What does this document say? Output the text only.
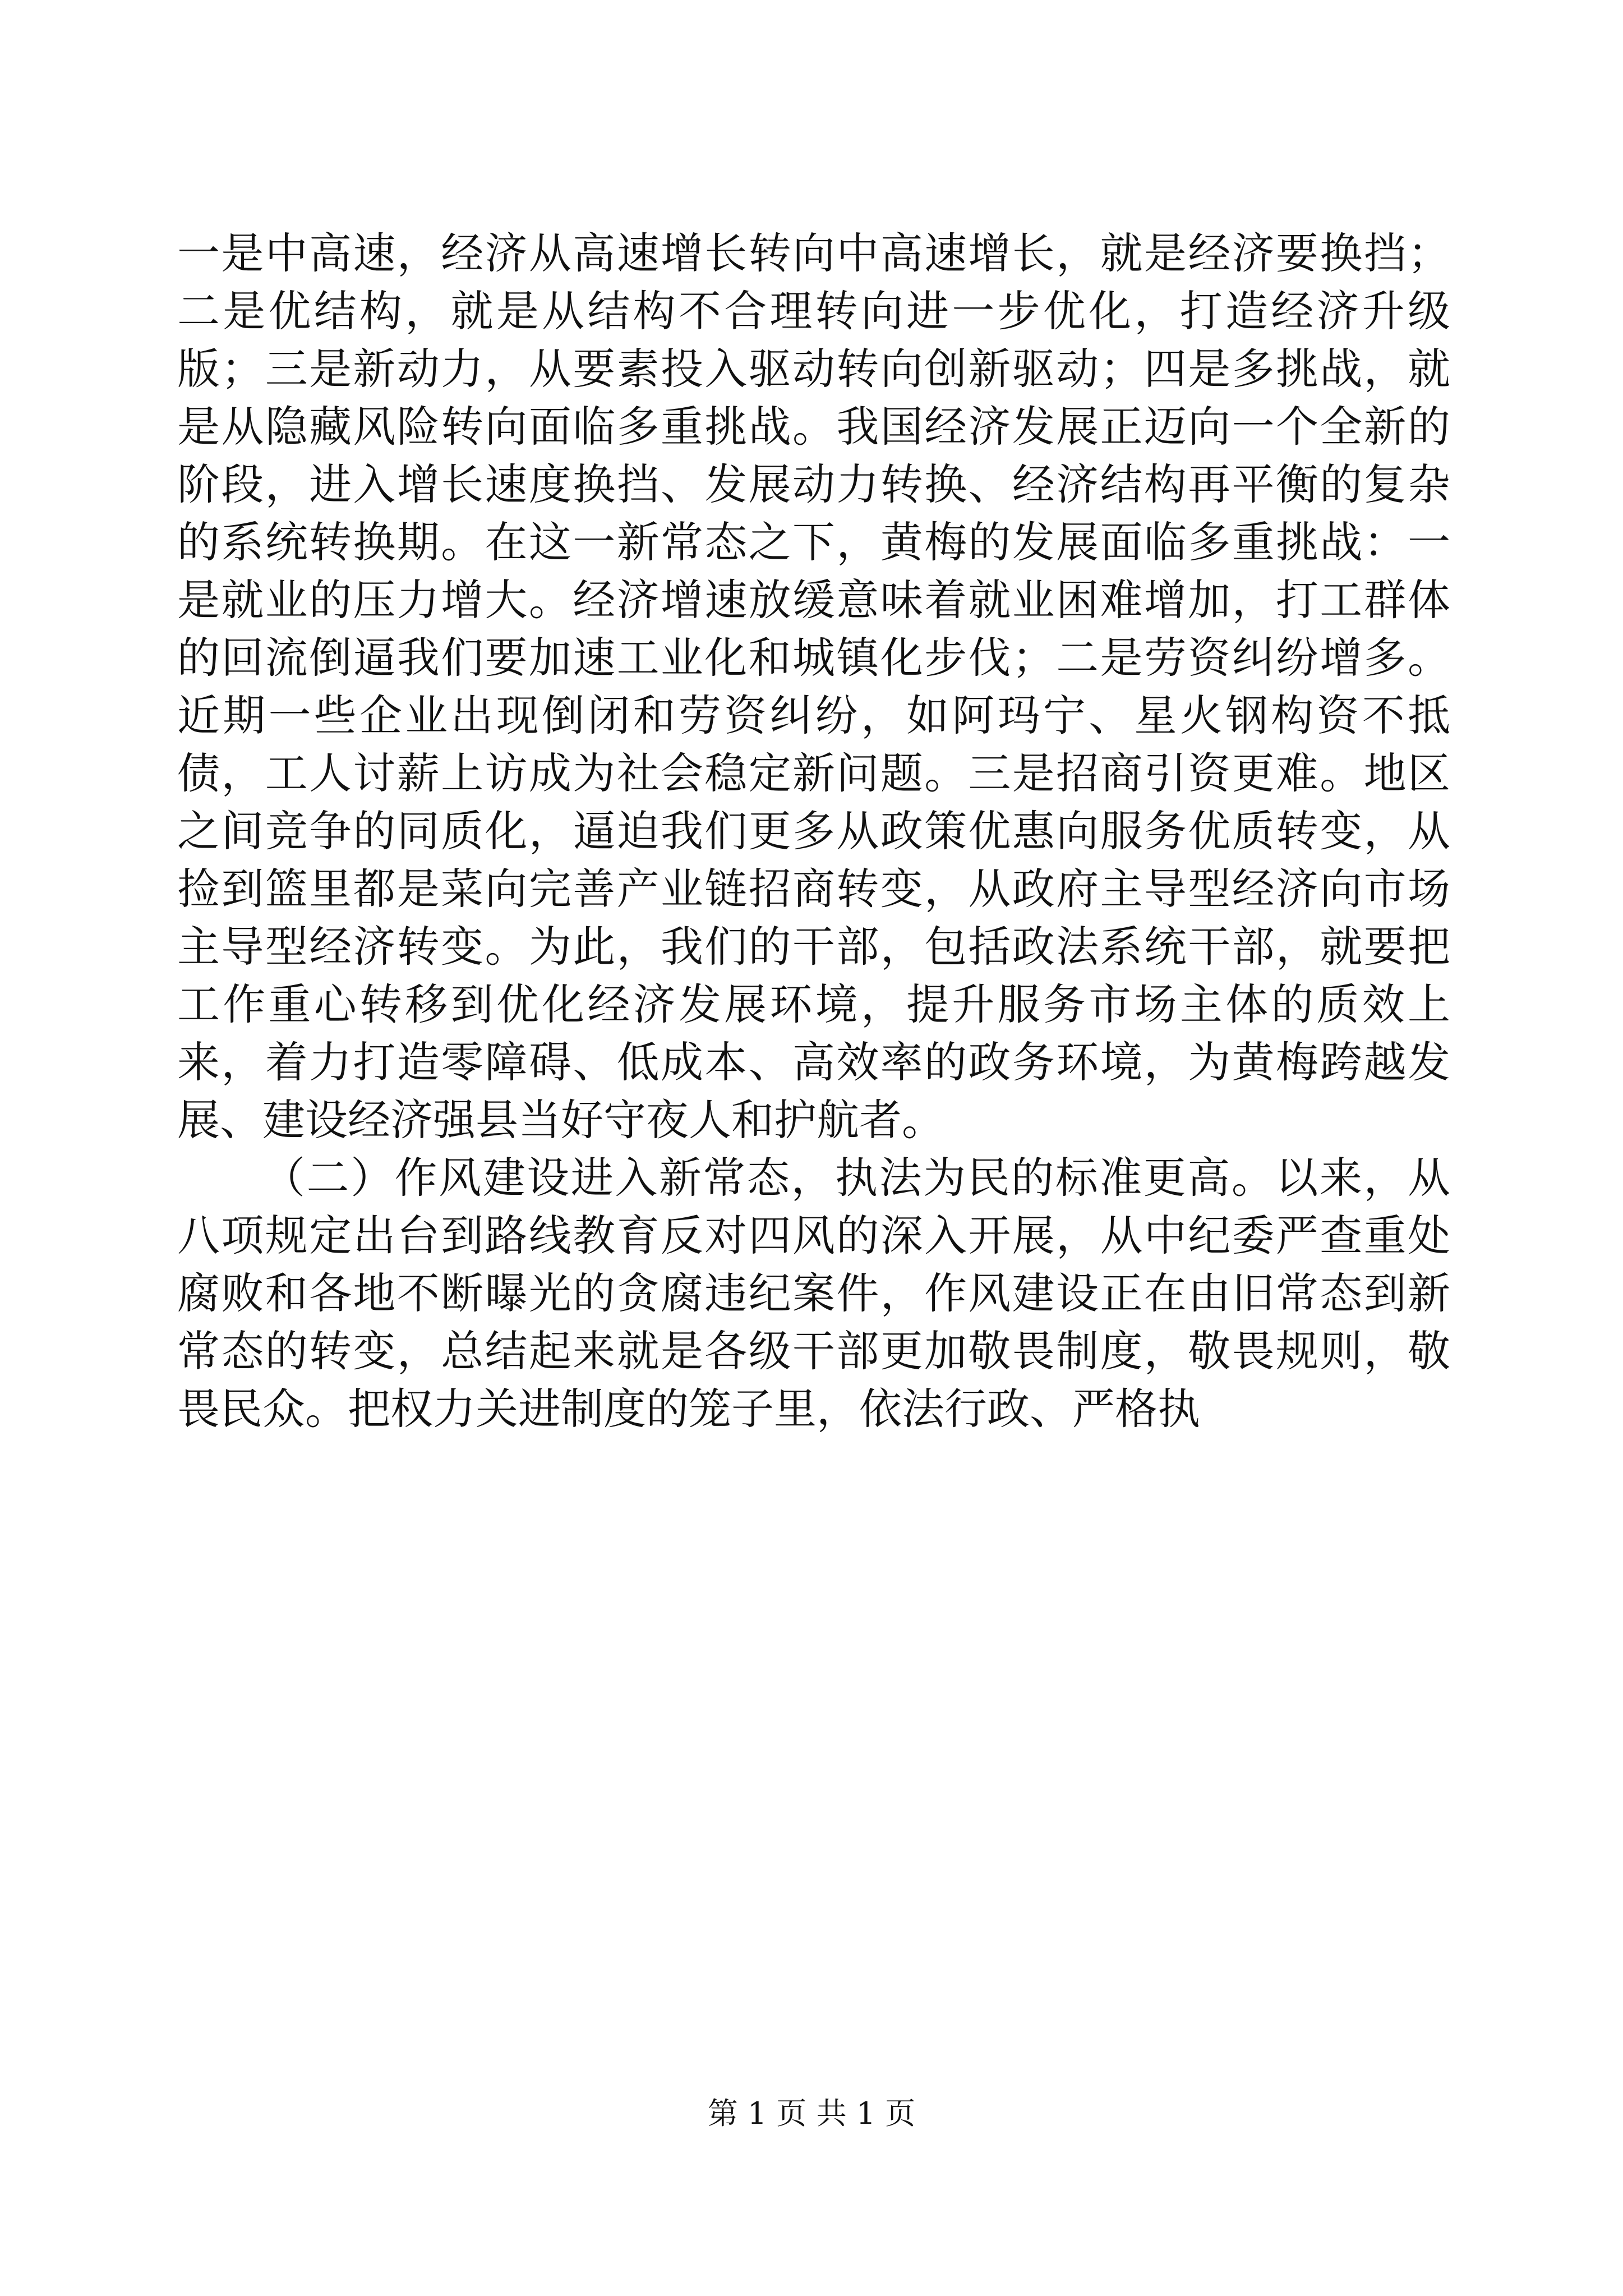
一是中高速，经济从高速增长转向中高速增长，就是经济要换挡；二是优结构，就是从结构不合理转向进一步优化，打造经济升级版；三是新动力，从要素投入驱动转向创新驱动；四是多挑战，就是从隐藏风险转向面临多重挑战。我国经济发展正迈向一个全新的阶段，进入增长速度换挡、发展动力转换、经济结构再平衡的复杂的系统转换期。在这一新常态之下，黄梅的发展面临多重挑战：一是就业的压力增大。经济增速放缓意味着就业困难增加，打工群体的回流倒逼我们要加速工业化和城镇化步伐；二是劳资纠纷增多。近期一些企业出现倒闭和劳资纠纷，如阿玛宁、星火钢构资不抵债，工人讨薪上访成为社会稳定新问题。三是招商引资更难。地区之间竞争的同质化，逼迫我们更多从政策优惠向服务优质转变，从捡到篮里都是菜向完善产业链招商转变，从政府主导型经济向市场主导型经济转变。为此，我们的干部，包括政法系统干部，就要把工作重心转移到优化经济发展环境，提升服务市场主体的质效上来，着力打造零障碍、低成本、高效率的政务环境，为黄梅跨越发展、建设经济强县当好守夜人和护航者。

（二）作风建设进入新常态，执法为民的标准更高。以来，从八项规定出台到路线教育反对四风的深入开展，从中纪委严查重处腐败和各地不断曝光的贪腐违纪案件，作风建设正在由旧常态到新常态的转变，总结起来就是各级干部更加敬畏制度，敬畏规则，敬畏民众。把权力关进制度的笼子里，依法行政、严格执

第 1 页 共 1 页
